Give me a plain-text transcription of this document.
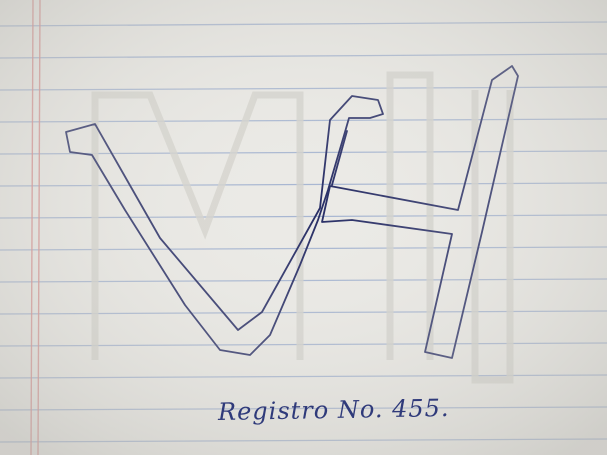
Registro No. 455.
